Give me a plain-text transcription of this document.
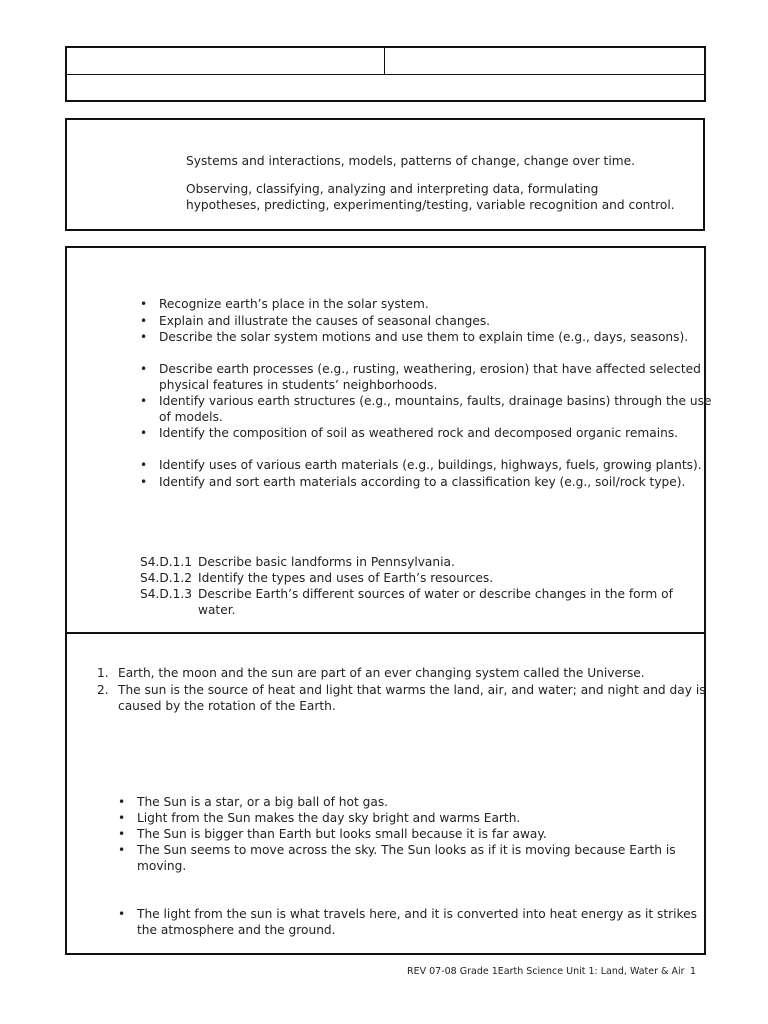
Systems and interactions, models, patterns of change, change over time.
Observing, classifying, analyzing and interpreting data, formulating
hypotheses, predicting, experimenting/testing, variable recognition and control.
• Recognize earth’s place in the solar system.
• Explain and illustrate the causes of seasonal changes.
• Describe the solar system motions and use them to explain time (e.g., days, seasons).
• Describe earth processes (e.g., rusting, weathering, erosion) that have affected selected
physical features in students’ neighborhoods.
• Identify various earth structures (e.g., mountains, faults, drainage basins) through the use
of models.
• Identify the composition of soil as weathered rock and decomposed organic remains.
• Identify uses of various earth materials (e.g., buildings, highways, fuels, growing plants).
• Identify and sort earth materials according to a classification key (e.g., soil/rock type).
S4.D.1.1 Describe basic landforms in Pennsylvania.
S4.D.1.2 Identify the types and uses of Earth’s resources.
S4.D.1.3 Describe Earth’s different sources of water or describe changes in the form of
water.
1. Earth, the moon and the sun are part of an ever changing system called the Universe.
2. The sun is the source of heat and light that warms the land, air, and water; and night and day is
caused by the rotation of the Earth.
• The Sun is a star, or a big ball of hot gas.
• Light from the Sun makes the day sky bright and warms Earth.
• The Sun is bigger than Earth but looks small because it is far away.
• The Sun seems to move across the sky. The Sun looks as if it is moving because Earth is
moving.
• The light from the sun is what travels here, and it is converted into heat energy as it strikes
the atmosphere and the ground.
REV 07-08 Grade 1Earth Science Unit 1: Land, Water & Air 1
